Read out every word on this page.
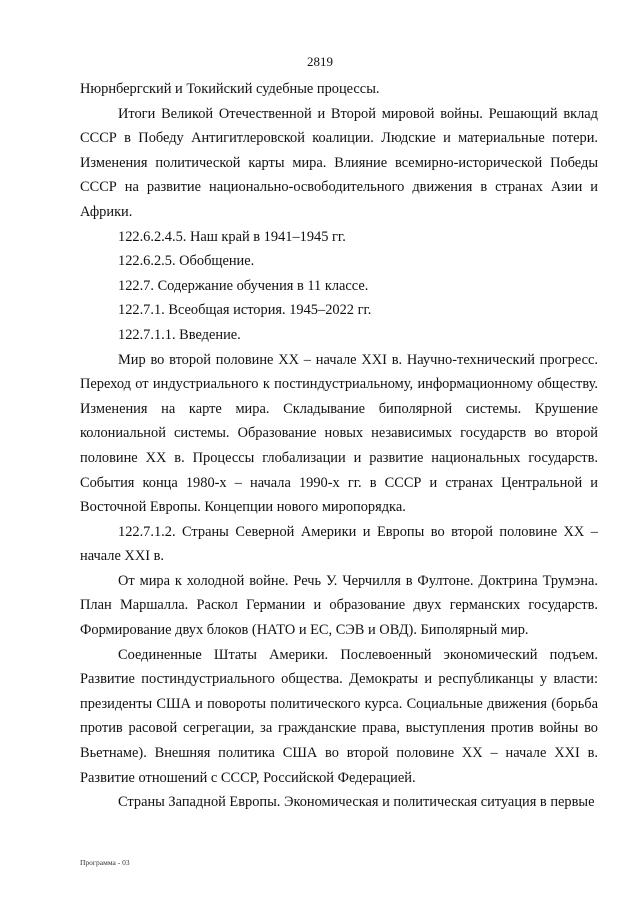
2819

Нюрнбергский и Токийский судебные процессы.

Итоги Великой Отечественной и Второй мировой войны. Решающий вклад СССР в Победу Антигитлеровской коалиции. Людские и материальные потери. Изменения политической карты мира. Влияние всемирно-исторической Победы СССР на развитие национально-освободительного движения в странах Азии и Африки.

122.6.2.4.5. Наш край в 1941–1945 гг.

122.6.2.5. Обобщение.

122.7. Содержание обучения в 11 классе.

122.7.1. Всеобщая история. 1945–2022 гг.

122.7.1.1. Введение.

Мир во второй половине XX – начале XXI в. Научно-технический прогресс. Переход от индустриального к постиндустриальному, информационному обществу. Изменения на карте мира. Складывание биполярной системы. Крушение колониальной системы. Образование новых независимых государств во второй половине XX в. Процессы глобализации и развитие национальных государств. События конца 1980-х – начала 1990-х гг. в СССР и странах Центральной и Восточной Европы. Концепции нового миропорядка.

122.7.1.2. Страны Северной Америки и Европы во второй половине XX – начале XXI в.

От мира к холодной войне. Речь У. Черчилля в Фултоне. Доктрина Трумэна. План Маршалла. Раскол Германии и образование двух германских государств. Формирование двух блоков (НАТО и ЕС, СЭВ и ОВД). Биполярный мир.

Соединенные Штаты Америки. Послевоенный экономический подъем. Развитие постиндустриального общества. Демократы и республиканцы у власти: президенты США и повороты политического курса. Социальные движения (борьба против расовой сегрегации, за гражданские права, выступления против войны во Вьетнаме). Внешняя политика США во второй половине XX – начале XXI в. Развитие отношений с СССР, Российской Федерацией.

Страны Западной Европы. Экономическая и политическая ситуация в первые

Программа - 03
